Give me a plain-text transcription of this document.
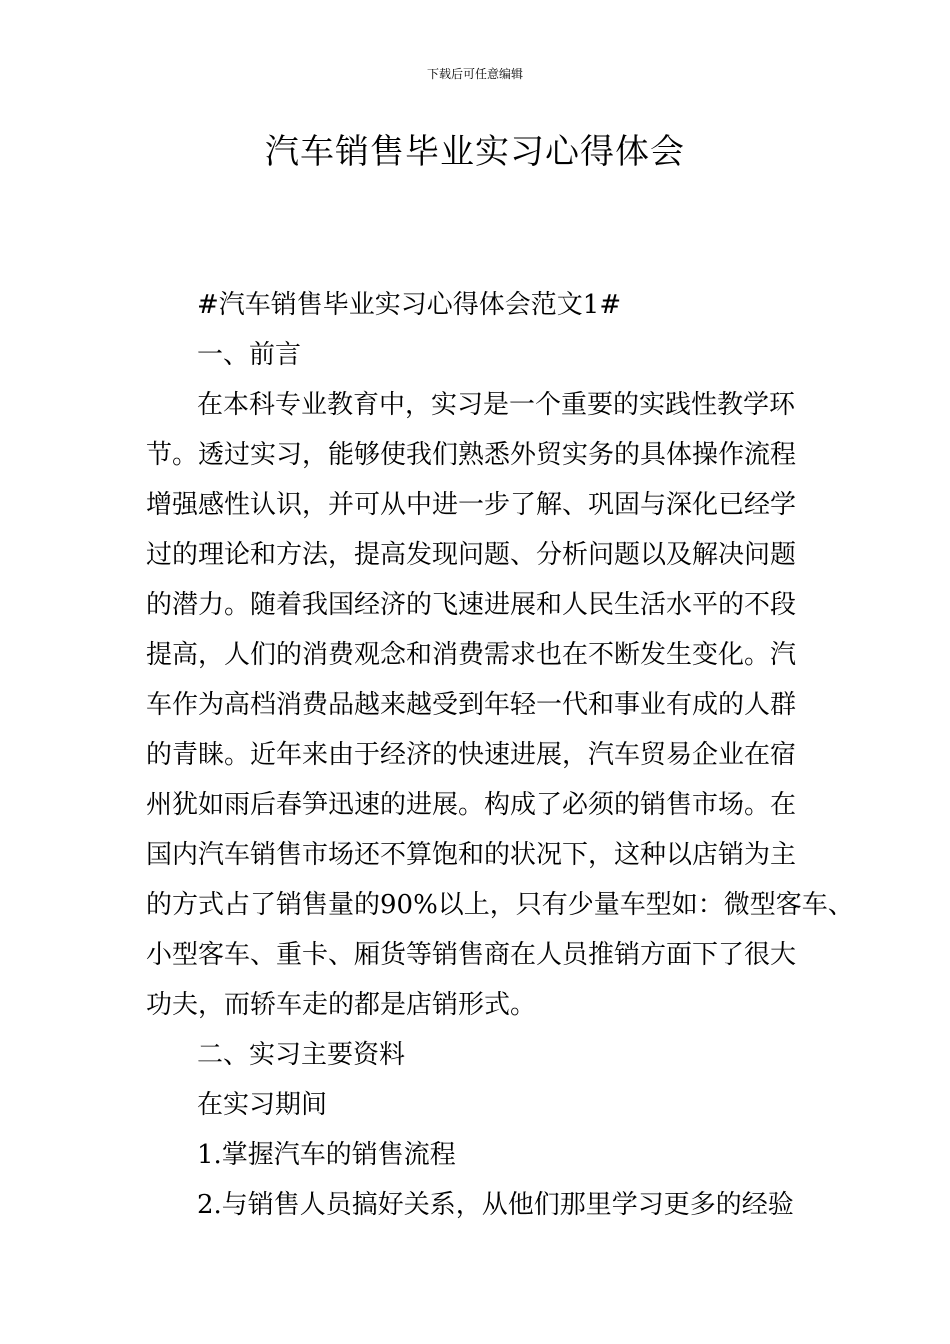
下载后可任意编辑
汽车销售毕业实习心得体会

#汽车销售毕业实习心得体会范文1#

一、前言

在本科专业教育中，实习是一个重要的实践性教学环

节。透过实习，能够使我们熟悉外贸实务的具体操作流程

增强感性认识，并可从中进一步了解、巩固与深化已经学

过的理论和方法，提高发现问题、分析问题以及解决问题

的潜力。随着我国经济的飞速进展和人民生活水平的不段

提高，人们的消费观念和消费需求也在不断发生变化。汽

车作为高档消费品越来越受到年轻一代和事业有成的人群

的青睐。近年来由于经济的快速进展，汽车贸易企业在宿

州犹如雨后春笋迅速的进展。构成了必须的销售市场。在

国内汽车销售市场还不算饱和的状况下，这种以店销为主

的方式占了销售量的90%以上，只有少量车型如：微型客车、

小型客车、重卡、厢货等销售商在人员推销方面下了很大

功夫，而轿车走的都是店销形式。

二、实习主要资料

在实习期间

1.掌握汽车的销售流程

2.与销售人员搞好关系，从他们那里学习更多的经验
